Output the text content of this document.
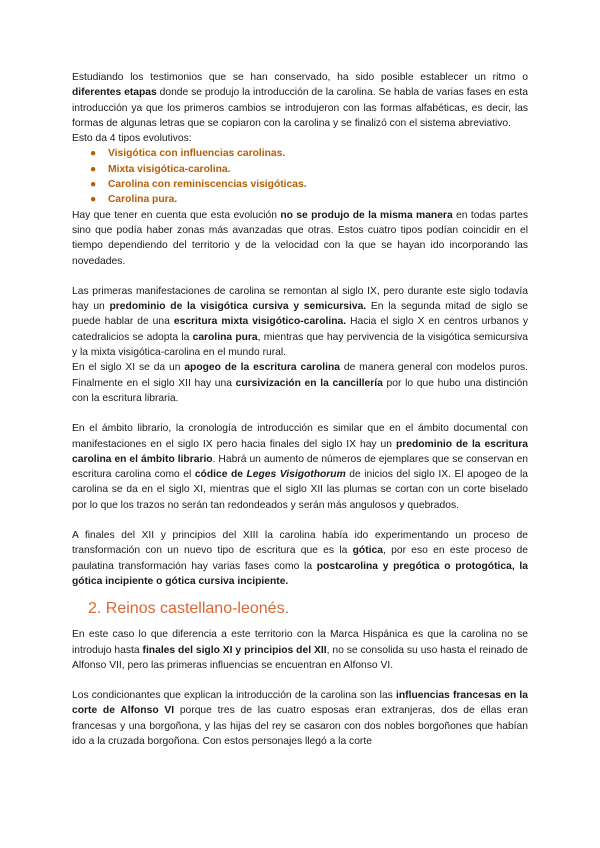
Estudiando los testimonios que se han conservado, ha sido posible establecer un ritmo o diferentes etapas donde se produjo la introducción de la carolina. Se habla de varias fases en esta introducción ya que los primeros cambios se introdujeron con las formas alfabéticas, es decir, las formas de algunas letras que se copiaron con la carolina y se finalizó con el sistema abreviativo.

Esto da 4 tipos evolutivos:

● Visigótica con influencias carolinas.
● Mixta visigótica-carolina.
● Carolina con reminiscencias visigóticas.
● Carolina pura.

Hay que tener en cuenta que esta evolución no se produjo de la misma manera en todas partes sino que podía haber zonas más avanzadas que otras. Estos cuatro tipos podían coincidir en el tiempo dependiendo del territorio y de la velocidad con la que se hayan ido incorporando las novedades.

Las primeras manifestaciones de carolina se remontan al siglo IX, pero durante este siglo todavía hay un predominio de la visigótica cursiva y semicursiva. En la segunda mitad de siglo se puede hablar de una escritura mixta visigótico-carolina. Hacia el siglo X en centros urbanos y catedralicios se adopta la carolina pura, mientras que hay pervivencia de la visigótica semicursiva y la mixta visigótica-carolina en el mundo rural.

En el siglo XI se da un apogeo de la escritura carolina de manera general con modelos puros. Finalmente en el siglo XII hay una cursivización en la cancillería por lo que hubo una distinción con la escritura libraria.

En el ámbito librario, la cronología de introducción es similar que en el ámbito documental con manifestaciones en el siglo IX pero hacia finales del siglo IX hay un predominio de la escritura carolina en el ámbito librario. Habrá un aumento de números de ejemplares que se conservan en escritura carolina como el códice de Leges Visigothorum de inicios del siglo IX. El apogeo de la carolina se da en el siglo XI, mientras que el siglo XII las plumas se cortan con un corte biselado por lo que los trazos no serán tan redondeados y serán más angulosos y quebrados.

A finales del XII y principios del XIII la carolina había ido experimentando un proceso de transformación con un nuevo tipo de escritura que es la gótica, por eso en este proceso de paulatina transformación hay varias fases como la postcarolina y pregótica o protogótica, la gótica incipiente o gótica cursiva incipiente.

2. Reinos castellano-leonés.

En este caso lo que diferencia a este territorio con la Marca Hispánica es que la carolina no se introdujo hasta finales del siglo XI y principios del XII, no se consolida su uso hasta el reinado de Alfonso VII, pero las primeras influencias se encuentran en Alfonso VI.

Los condicionantes que explican la introducción de la carolina son las influencias francesas en la corte de Alfonso VI porque tres de las cuatro esposas eran extranjeras, dos de ellas eran francesas y una borgoñona, y las hijas del rey se casaron con dos nobles borgoñones que habían ido a la cruzada borgoñona. Con estos personajes llegó a la corte
